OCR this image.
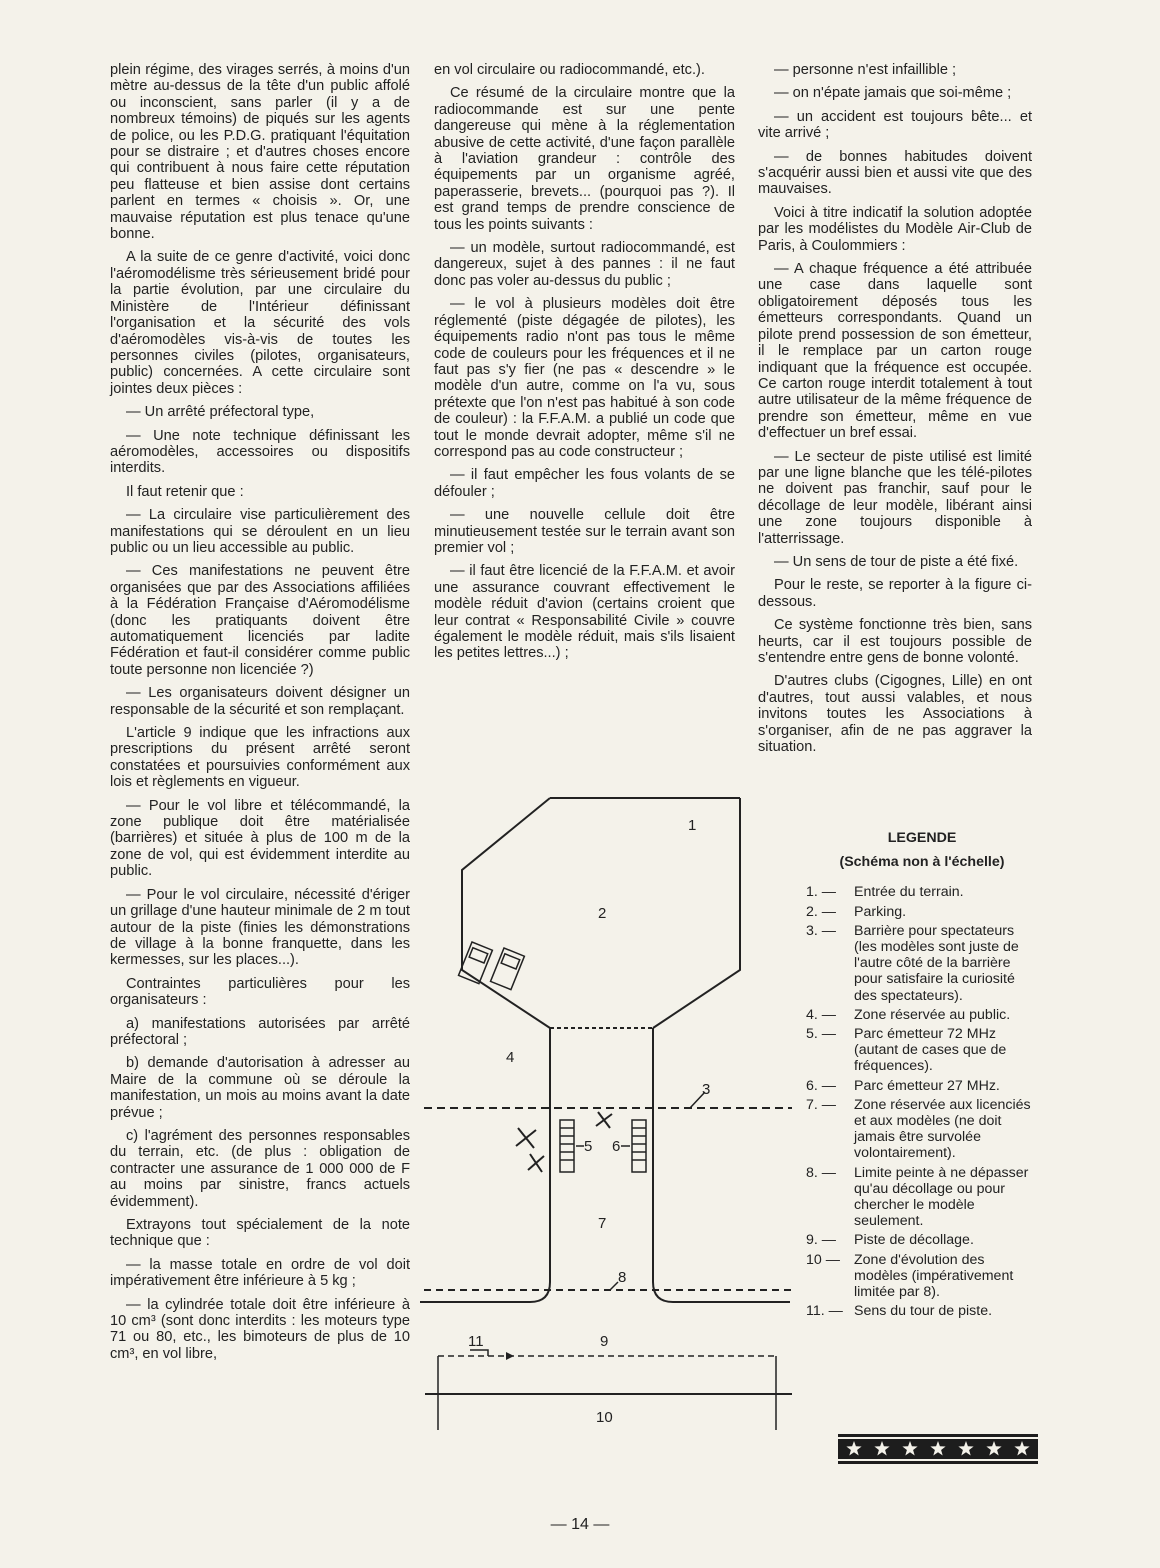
plein régime, des virages serrés, à moins d'un mètre au-dessus de la tête d'un public affolé ou inconscient, sans parler (il y a de nombreux témoins) de piqués sur les agents de police, ou les P.D.G. pratiquant l'équitation pour se distraire ; et d'autres choses encore qui contribuent à nous faire cette réputation peu flatteuse et bien assise dont certains parlent en termes « choisis ». Or, une mauvaise réputation est plus tenace qu'une bonne.

A la suite de ce genre d'activité, voici donc l'aéromodélisme très sérieusement bridé pour la partie évolution, par une circulaire du Ministère de l'Intérieur définissant l'organisation et la sécurité des vols d'aéromodèles vis-à-vis de toutes les personnes civiles (pilotes, organisateurs, public) concernées. A cette circulaire sont jointes deux pièces :

— Un arrêté préfectoral type,

— Une note technique définissant les aéromodèles, accessoires ou dispositifs interdits.

Il faut retenir que :

— La circulaire vise particulièrement des manifestations qui se déroulent en un lieu public ou un lieu accessible au public.

— Ces manifestations ne peuvent être organisées que par des Associations affiliées à la Fédération Française d'Aéromodélisme (donc les pratiquants doivent être automatiquement licenciés par ladite Fédération et faut-il considérer comme public toute personne non licenciée ?)

— Les organisateurs doivent désigner un responsable de la sécurité et son remplaçant.

L'article 9 indique que les infractions aux prescriptions du présent arrêté seront constatées et poursuivies conformément aux lois et règlements en vigueur.

— Pour le vol libre et télécommandé, la zone publique doit être matérialisée (barrières) et située à plus de 100 m de la zone de vol, qui est évidemment interdite au public.

— Pour le vol circulaire, nécessité d'ériger un grillage d'une hauteur minimale de 2 m tout autour de la piste (finies les démonstrations de village à la bonne franquette, dans les kermesses, sur les places...).

Contraintes particulières pour les organisateurs :

a) manifestations autorisées par arrêté préfectoral ;

b) demande d'autorisation à adresser au Maire de la commune où se déroule la manifestation, un mois au moins avant la date prévue ;

c) l'agrément des personnes responsables du terrain, etc. (de plus : obligation de contracter une assurance de 1 000 000 de F au moins par sinistre, francs actuels évidemment).

Extrayons tout spécialement de la note technique que :

— la masse totale en ordre de vol doit impérativement être inférieure à 5 kg ;

— la cylindrée totale doit être inférieure à 10 cm³ (sont donc interdits : les moteurs type 71 ou 80, etc., les bimoteurs de plus de 10 cm³, en vol libre,

en vol circulaire ou radiocommandé, etc.).

Ce résumé de la circulaire montre que la radiocommande est sur une pente dangereuse qui mène à la réglementation abusive de cette activité, d'une façon parallèle à l'aviation grandeur : contrôle des équipements par un organisme agréé, paperasserie, brevets... (pourquoi pas ?). Il est grand temps de prendre conscience de tous les points suivants :

— un modèle, surtout radiocommandé, est dangereux, sujet à des pannes : il ne faut donc pas voler au-dessus du public ;

— le vol à plusieurs modèles doit être réglementé (piste dégagée de pilotes), les équipements radio n'ont pas tous le même code de couleurs pour les fréquences et il ne faut pas s'y fier (ne pas « descendre » le modèle d'un autre, comme on l'a vu, sous prétexte que l'on n'est pas habitué à son code de couleur) : la F.F.A.M. a publié un code que tout le monde devrait adopter, même s'il ne correspond pas au code constructeur ;

— il faut empêcher les fous volants de se défouler ;

— une nouvelle cellule doit être minutieusement testée sur le terrain avant son premier vol ;

— il faut être licencié de la F.F.A.M. et avoir une assurance couvrant effectivement le modèle réduit d'avion (certains croient que leur contrat « Responsabilité Civile » couvre également le modèle réduit, mais s'ils lisaient les petites lettres...) ;

— personne n'est infaillible ;

— on n'épate jamais que soi-même ;

— un accident est toujours bête... et vite arrivé ;

— de bonnes habitudes doivent s'acquérir aussi bien et aussi vite que des mauvaises.

Voici à titre indicatif la solution adoptée par les modélistes du Modèle Air-Club de Paris, à Coulommiers :

— A chaque fréquence a été attribuée une case dans laquelle sont obligatoirement déposés tous les émetteurs correspondants. Quand un pilote prend possession de son émetteur, il le remplace par un carton rouge indiquant que la fréquence est occupée. Ce carton rouge interdit totalement à tout autre utilisateur de la même fréquence de prendre son émetteur, même en vue d'effectuer un bref essai.

— Le secteur de piste utilisé est limité par une ligne blanche que les télé-pilotes ne doivent pas franchir, sauf pour le décollage de leur modèle, libérant ainsi une zone toujours disponible à l'atterrissage.

— Un sens de tour de piste a été fixé.

Pour le reste, se reporter à la figure ci-dessous.

Ce système fonctionne très bien, sans heurts, car il est toujours possible de s'entendre entre gens de bonne volonté.

D'autres clubs (Cigognes, Lille) en ont d'autres, tout aussi valables, et nous invitons toutes les Associations à s'organiser, afin de ne pas aggraver la situation.

1
2
3
4
5 6
7
8
9
10
11

LEGENDE

(Schéma non à l'échelle)

1. —	Entrée du terrain.
2. —	Parking.
3. —	Barrière pour spectateurs (les modèles sont juste de l'autre côté de la barrière pour satisfaire la curiosité des spectateurs).
4. —	Zone réservée au public.
5. —	Parc émetteur 72 MHz (autant de cases que de fréquences).
6. —	Parc émetteur 27 MHz.
7. —	Zone réservée aux licenciés et aux modèles (ne doit jamais être survolée volontairement).
8. —	Limite peinte à ne dépasser qu'au décollage ou pour chercher le modèle seulement.
9. —	Piste de décollage.
10 — Zone d'évolution des modèles (impérativement limitée par 8).
11. — Sens du tour de piste.
— 14 —
